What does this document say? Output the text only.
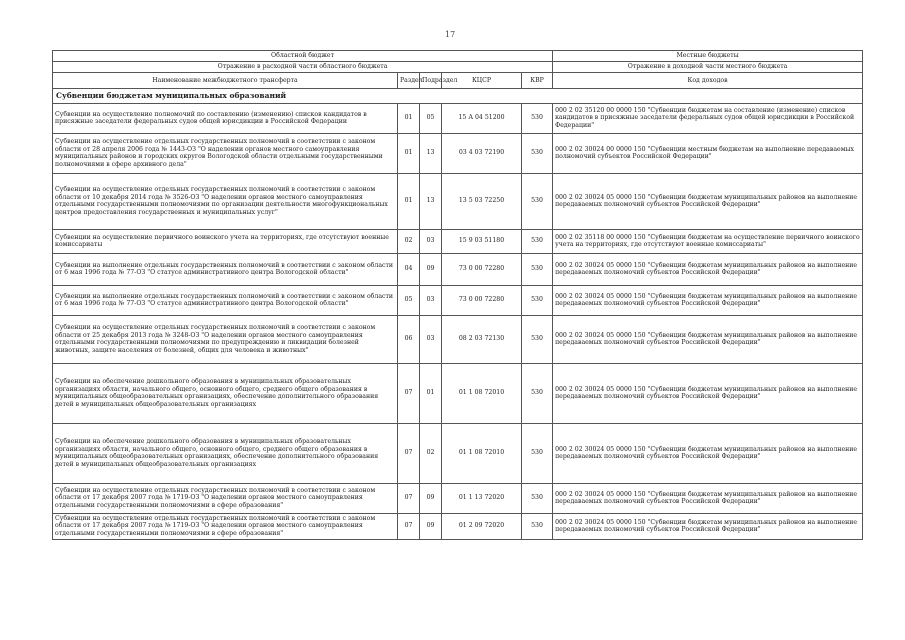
17
Областной бюджет					Местные бюджеты
Отражение в расходной части областного бюджета					Отражение в доходной части местного бюджета
Наименование межбюджетного трансферта	Раздел	Подраздел	КЦСР	КВР	Код доходов
Субвенции бюджетам муниципальных образований					
Субвенции на осуществление полномочий по составлению (изменению) списков кандидатов в присяжные заседатели федеральных судов общей юрисдикции в Российской Федерации	01	05	15 А 04 51200	530	000 2 02 35120 00 0000 150 "Субвенции бюджетам на составление (изменение) списков кандидатов в присяжные заседатели федеральных судов общей юрисдикции в Российской Федерации"
Субвенции на осуществление отдельных государственных полномочий в соответствии с законом области от 28 апреля 2006 года № 1443-ОЗ "О наделении органов местного самоуправления муниципальных районов и городских округов Вологодской области отдельными государственными полномочиями в сфере архивного дела"	01	13	03 4 03 72190	530	000 2 02 30024 00 0000 150 "Субвенции местным бюджетам на выполнение передаваемых полномочий субъектов Российской Федерации"
Субвенции на осуществление отдельных государственных полномочий в соответствии с законом области от 10 декабря 2014 года № 3526-ОЗ "О наделении органов местного самоуправления отдельными государственными полномочиями по организации деятельности многофункциональных центров предоставления государственных и муниципальных услуг"	01	13	13 5 03 72250	530	000 2 02 30024 05 0000 150 "Субвенции бюджетам муниципальных районов на выполнение передаваемых полномочий субъектов Российской Федерации"
Субвенции на осуществление первичного воинского учета на территориях, где отсутствуют военные комиссариаты	02	03	15 9 03 51180	530	000 2 02 35118 00 0000 150 "Субвенции бюджетам на осуществление первичного воинского учета на территориях, где отсутствуют военные комиссариаты"
Субвенции на выполнение отдельных государственных полномочий в соответствии с законом области от 6 мая 1996 года № 77-ОЗ "О статусе административного центра Вологодской области"	04	09	73 0 00 72280	530	000 2 02 30024 05 0000 150 "Субвенции бюджетам муниципальных районов на выполнение передаваемых полномочий субъектов Российской Федерации"
Субвенции на выполнение отдельных государственных полномочий в соответствии с законом области от 6 мая 1996 года № 77-ОЗ "О статусе административного центра Вологодской области"	05	03	73 0 00 72280	530	000 2 02 30024 05 0000 150 "Субвенции бюджетам муниципальных районов на выполнение передаваемых полномочий субъектов Российской Федерации"
Субвенции на осуществление отдельных государственных полномочий в соответствии с законом области от 25 декабря 2013 года № 3248-ОЗ "О наделении органов местного самоуправления отдельными государственными полномочиями по предупреждению и ликвидации болезней животных, защите населения от болезней, общих для человека и животных"	06	03	08 2 03 72130	530	000 2 02 30024 05 0000 150 "Субвенции бюджетам муниципальных районов на выполнение передаваемых полномочий субъектов Российской Федерации"
Субвенции на обеспечение дошкольного образования в муниципальных образовательных организациях области, начального общего, основного общего, среднего общего образования в муниципальных общеобразовательных организациях, обеспечение дополнительного образования детей в муниципальных общеобразовательных организациях	07	01	01 1 08 72010	530	000 2 02 30024 05 0000 150 "Субвенции бюджетам муниципальных районов на выполнение передаваемых полномочий субъектов Российской Федерации"
Субвенции на обеспечение дошкольного образования в муниципальных образовательных организациях области, начального общего, основного общего, среднего общего образования в муниципальных общеобразовательных организациях, обеспечение дополнительного образования детей в муниципальных общеобразовательных организациях	07	02	01 1 08 72010	530	000 2 02 30024 05 0000 150 "Субвенции бюджетам муниципальных районов на выполнение передаваемых полномочий субъектов Российской Федерации"
Субвенции на осуществление отдельных государственных полномочий в соответствии с законом области от 17 декабря 2007 года № 1719-ОЗ "О наделении органов местного самоуправления отдельными государственными полномочиями в сфере образования"	07	09	01 1 13 72020	530	000 2 02 30024 05 0000 150 "Субвенции бюджетам муниципальных районов на выполнение передаваемых полномочий субъектов Российской Федерации"
Субвенции на осуществление отдельных государственных полномочий в соответствии с законом области от 17 декабря 2007 года № 1719-ОЗ "О наделении органов местного самоуправления отдельными государственными полномочиями в сфере образования"	07	09	01 2 09 72020	530	000 2 02 30024 05 0000 150 "Субвенции бюджетам муниципальных районов на выполнение передаваемых полномочий субъектов Российской Федерации"
